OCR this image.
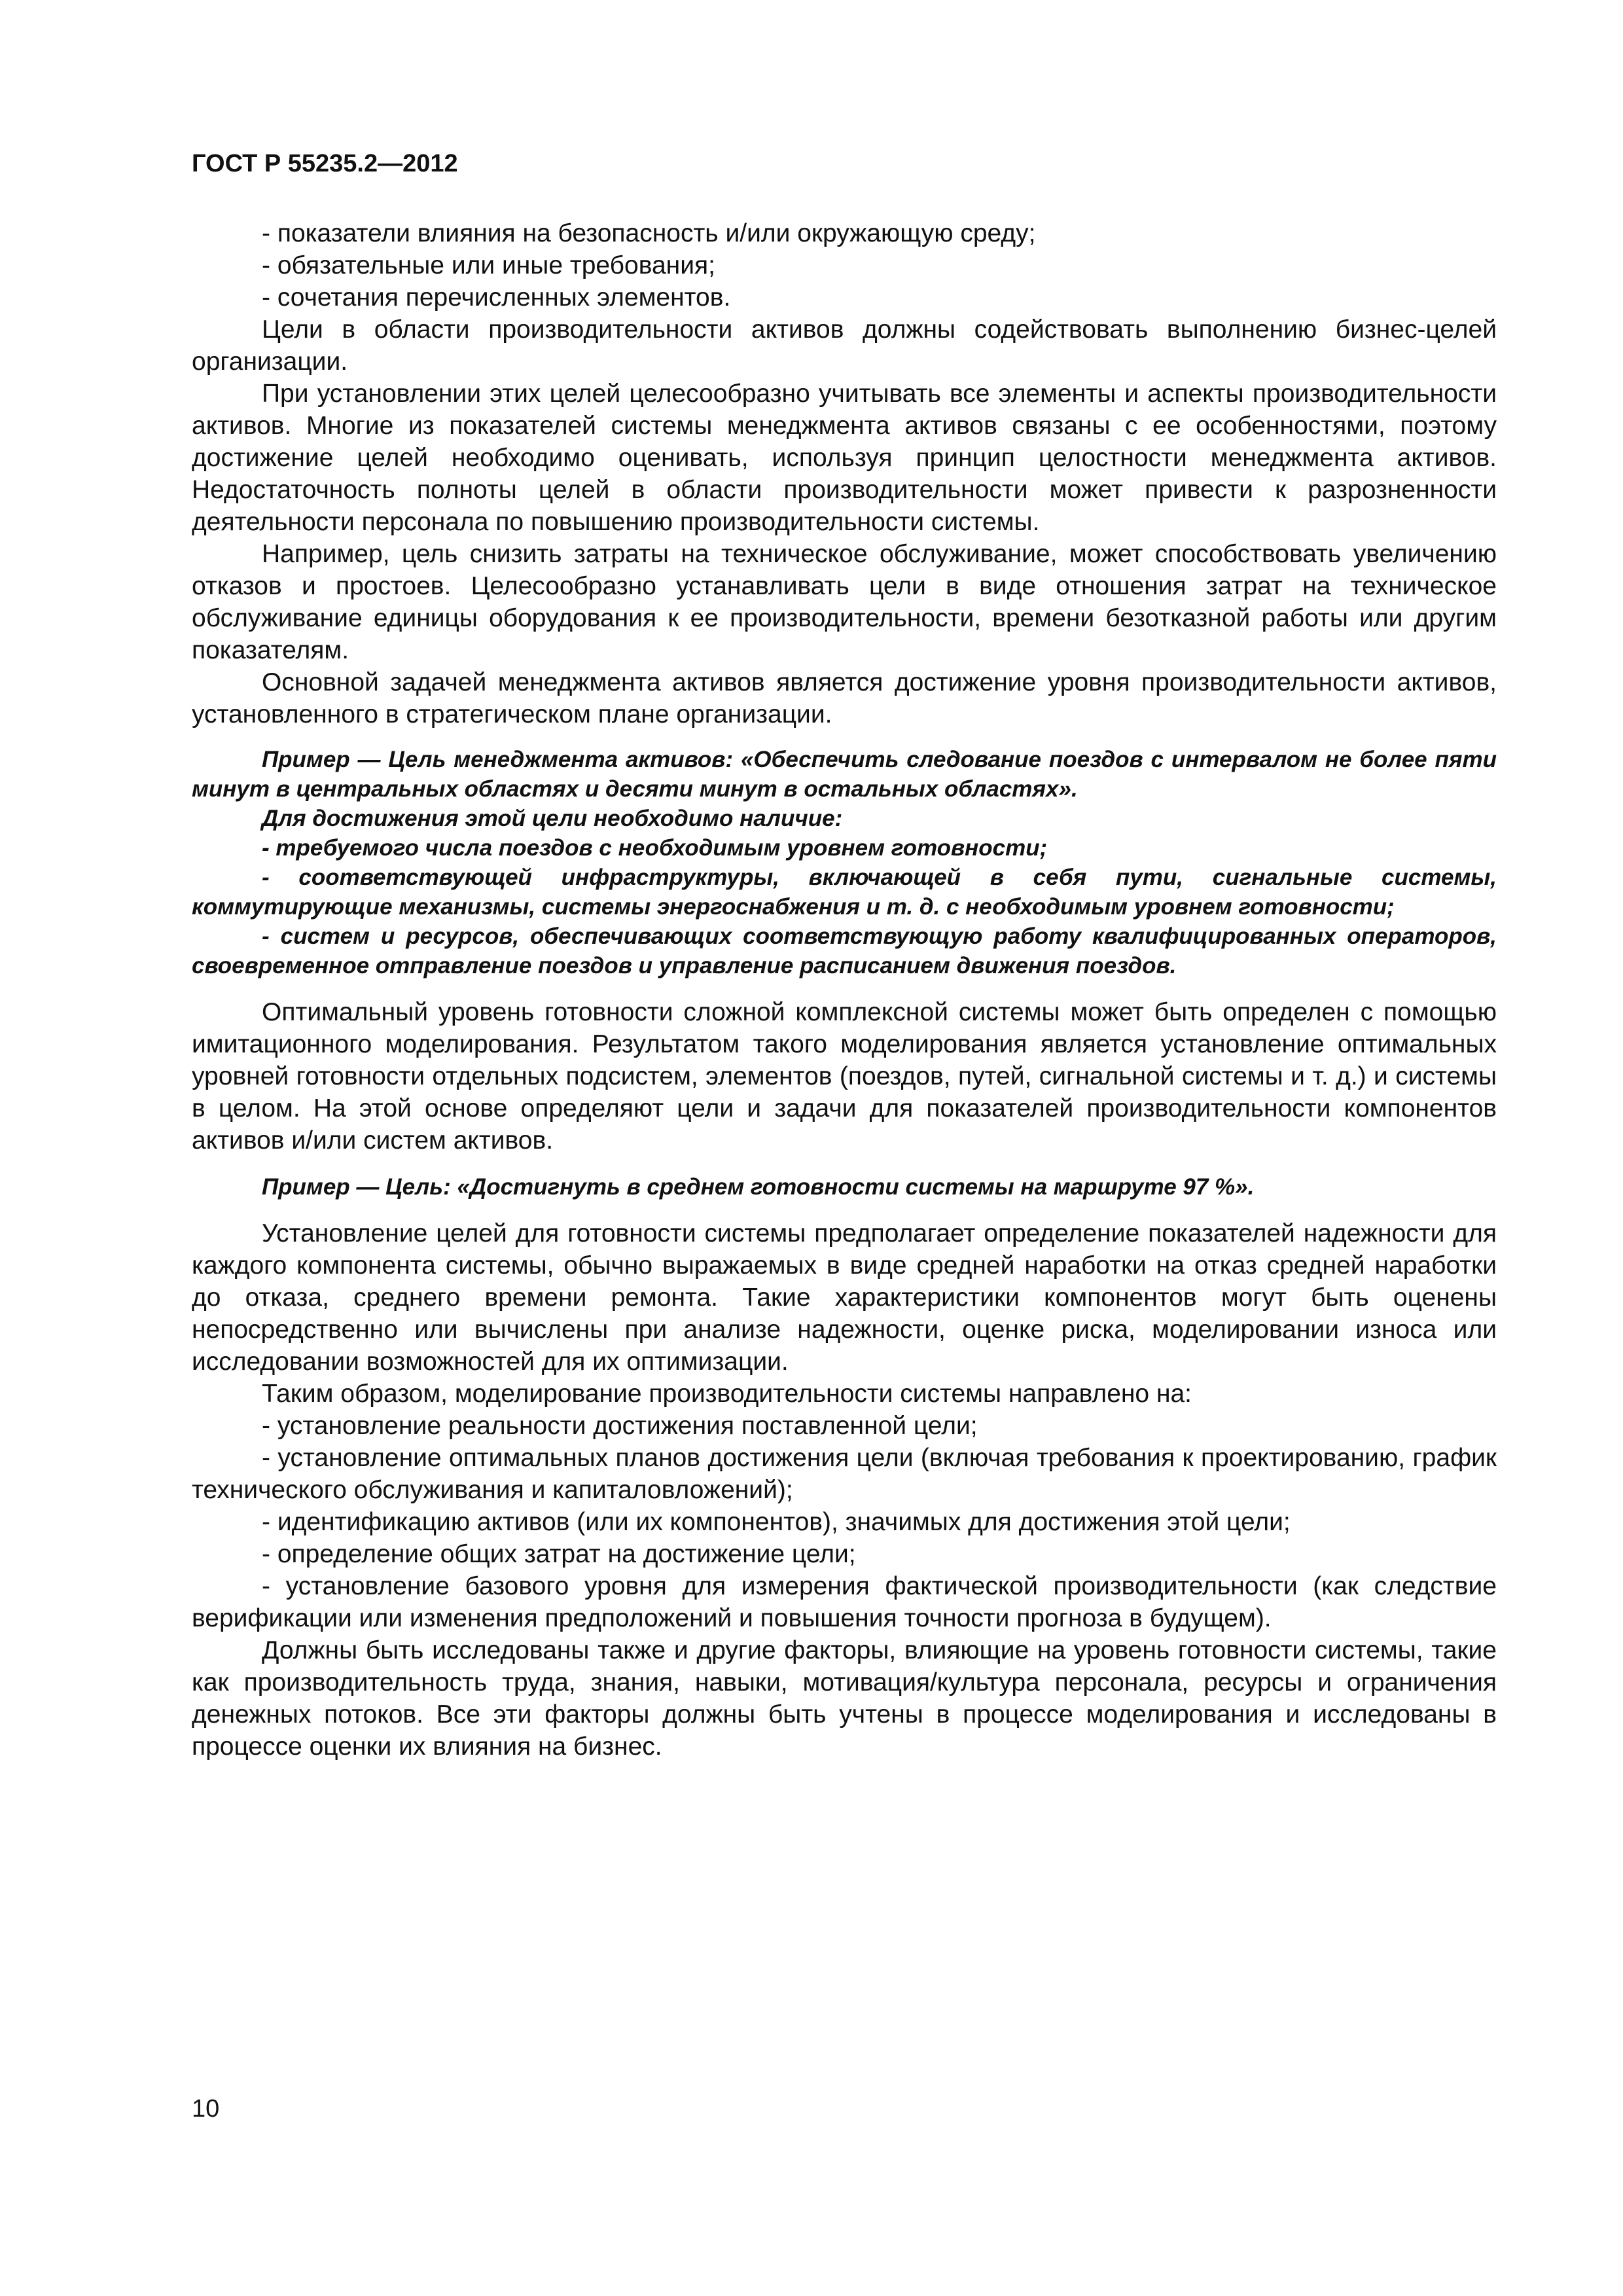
ГОСТ Р 55235.2—2012

- показатели влияния на безопасность и/или окружающую среду;

- обязательные или иные требования;

- сочетания перечисленных элементов.

Цели в области производительности активов должны содействовать выполнению бизнес-целей организации.

При установлении этих целей целесообразно учитывать все элементы и аспекты производительности активов. Многие из показателей системы менеджмента активов связаны с ее особенностями, поэтому достижение целей необходимо оценивать, используя принцип целостности менеджмента активов. Недостаточность полноты целей в области производительности может привести к разрозненности деятельности персонала по повышению производительности системы.

Например, цель снизить затраты на техническое обслуживание, может способствовать увеличению отказов и простоев. Целесообразно устанавливать цели в виде отношения затрат на техническое обслуживание единицы оборудования к ее производительности, времени безотказной работы или другим показателям.

Основной задачей менеджмента активов является достижение уровня производительности активов, установленного в стратегическом плане организации.

Пример — Цель менеджмента активов: «Обеспечить следование поездов с интервалом не более пяти минут в центральных областях и десяти минут в остальных областях».

Для достижения этой цели необходимо наличие:

- требуемого числа поездов с необходимым уровнем готовности;

- соответствующей инфраструктуры, включающей в себя пути, сигнальные системы, коммутирующие механизмы, системы энергоснабжения и т. д. с необходимым уровнем готовности;

- систем и ресурсов, обеспечивающих соответствующую работу квалифицированных операторов, своевременное отправление поездов и управление расписанием движения поездов.

Оптимальный уровень готовности сложной комплексной системы может быть определен с помощью имитационного моделирования. Результатом такого моделирования является установление оптимальных уровней готовности отдельных подсистем, элементов (поездов, путей, сигнальной системы и т. д.) и системы в целом. На этой основе определяют цели и задачи для показателей производительности компонентов активов и/или систем активов.

Пример — Цель: «Достигнуть в среднем готовности системы на маршруте 97 %».

Установление целей для готовности системы предполагает определение показателей надежности для каждого компонента системы, обычно выражаемых в виде средней наработки на отказ средней наработки до отказа, среднего времени ремонта. Такие характеристики компонентов могут быть оценены непосредственно или вычислены при анализе надежности, оценке риска, моделировании износа или исследовании возможностей для их оптимизации.

Таким образом, моделирование производительности системы направлено на:

- установление реальности достижения поставленной цели;

- установление оптимальных планов достижения цели (включая требования к проектированию, график технического обслуживания и капиталовложений);

- идентификацию активов (или их компонентов), значимых для достижения этой цели;

- определение общих затрат на достижение цели;

- установление базового уровня для измерения фактической производительности (как следствие верификации или изменения предположений и повышения точности прогноза в будущем).

Должны быть исследованы также и другие факторы, влияющие на уровень готовности системы, такие как производительность труда, знания, навыки, мотивация/культура персонала, ресурсы и ограничения денежных потоков. Все эти факторы должны быть учтены в процессе моделирования и исследованы в процессе оценки их влияния на бизнес.

10
